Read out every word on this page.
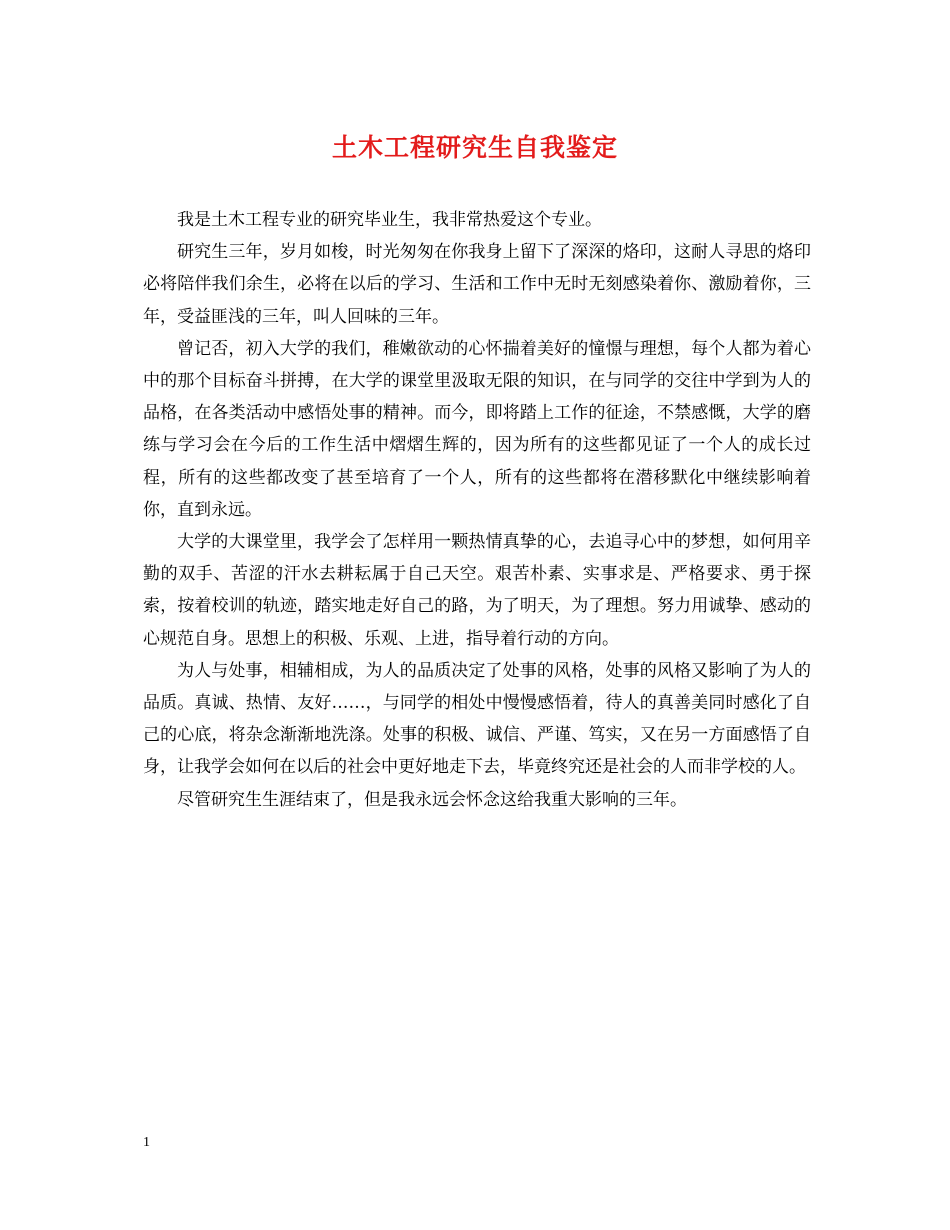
土木工程研究生自我鉴定

我是土木工程专业的研究毕业生，我非常热爱这个专业。

研究生三年，岁月如梭，时光匆匆在你我身上留下了深深的烙印，这耐人寻思的烙印必将陪伴我们余生，必将在以后的学习、生活和工作中无时无刻感染着你、激励着你，三年，受益匪浅的三年，叫人回味的三年。

曾记否，初入大学的我们，稚嫩欲动的心怀揣着美好的憧憬与理想，每个人都为着心中的那个目标奋斗拼搏，在大学的课堂里汲取无限的知识，在与同学的交往中学到为人的品格，在各类活动中感悟处事的精神。而今，即将踏上工作的征途，不禁感慨，大学的磨练与学习会在今后的工作生活中熠熠生辉的，因为所有的这些都见证了一个人的成长过程，所有的这些都改变了甚至培育了一个人，所有的这些都将在潜移默化中继续影响着你，直到永远。

大学的大课堂里，我学会了怎样用一颗热情真挚的心，去追寻心中的梦想，如何用辛勤的双手、苦涩的汗水去耕耘属于自己天空。艰苦朴素、实事求是、严格要求、勇于探索，按着校训的轨迹，踏实地走好自己的路，为了明天，为了理想。努力用诚挚、感动的心规范自身。思想上的积极、乐观、上进，指导着行动的方向。

为人与处事，相辅相成，为人的品质决定了处事的风格，处事的风格又影响了为人的品质。真诚、热情、友好……，与同学的相处中慢慢感悟着，待人的真善美同时感化了自己的心底，将杂念渐渐地洗涤。处事的积极、诚信、严谨、笃实，又在另一方面感悟了自身，让我学会如何在以后的社会中更好地走下去，毕竟终究还是社会的人而非学校的人。

尽管研究生生涯结束了，但是我永远会怀念这给我重大影响的三年。

1
